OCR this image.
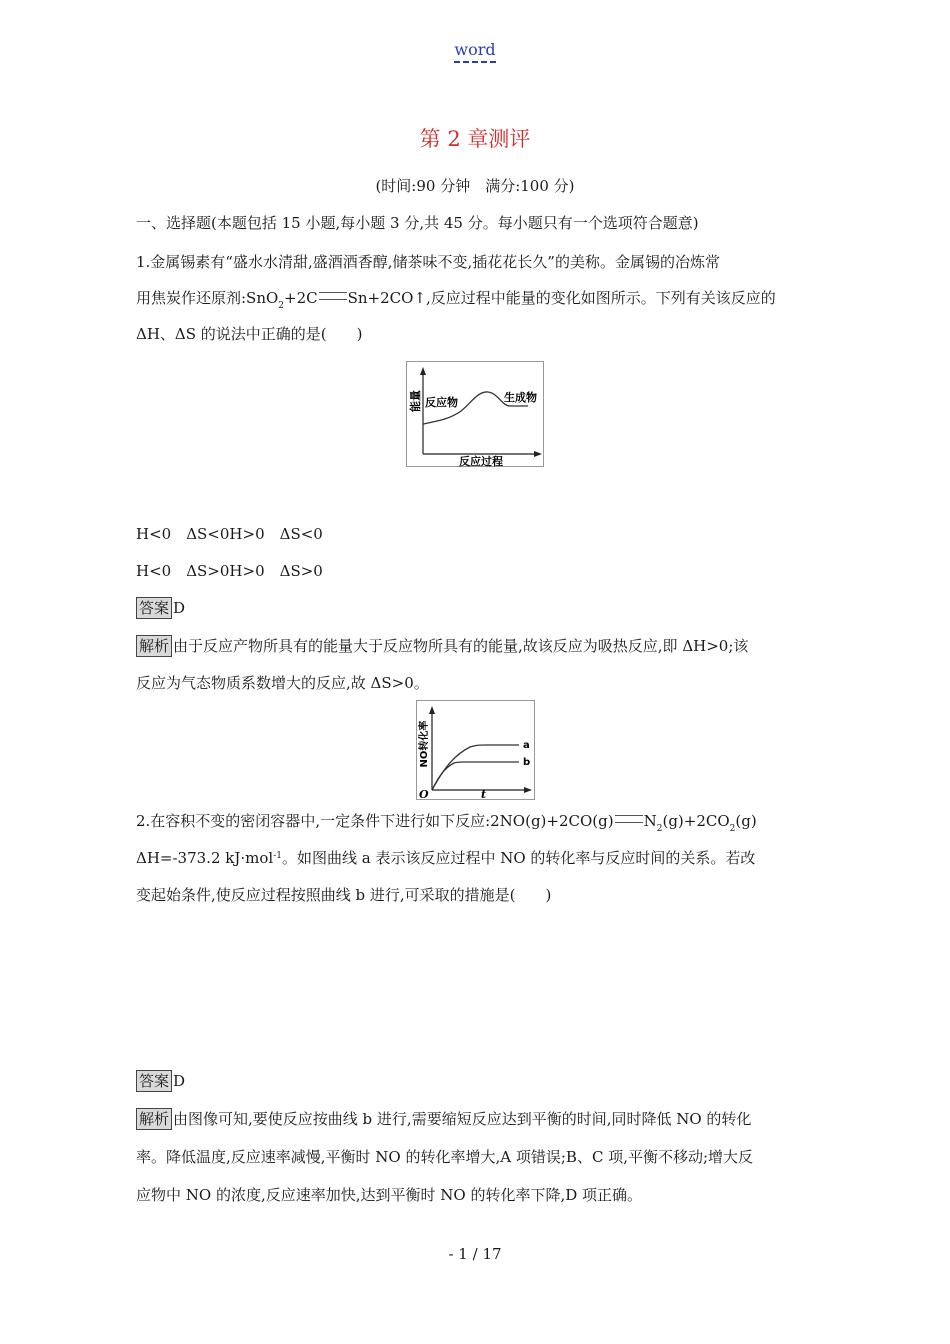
word
第 2 章测评
(时间:90 分钟　满分:100 分)
一、选择题(本题包括 15 小题,每小题 3 分,共 45 分。每小题只有一个选项符合题意)
1.金属锡素有“盛水水清甜,盛酒酒香醇,储茶味不变,插花花长久”的美称。金属锡的冶炼常
用焦炭作还原剂:SnO$_2$+2C Sn+2CO↑,反应过程中能量的变化如图所示。下列有关该反应的
ΔH、ΔS 的说法中正确的是(　　)
能量 反应物	生成物
反应过程
H<0　ΔS<0H>0　ΔS<0
H<0　ΔS>0H>0　ΔS>0
答案 D
解析 由于反应产物所具有的能量大于反应物所具有的能量,故该反应为吸热反应,即 ΔH>0;该
反应为气态物质系数增大的反应,故 ΔS>0。
NO转化率	a
b
O	t
2.在容积不变的密闭容器中,一定条件下进行如下反应:2NO(g)+2CO(g) $N_2(g)+2CO_2(g)$
ΔH=-373.2 kJ·mol$^{-1}$。如图曲线 a 表示该反应过程中 NO 的转化率与反应时间的关系。若改
变起始条件,使反应过程按照曲线 b 进行,可采取的措施是(　　)
答案 D
解析 由图像可知,要使反应按曲线 b 进行,需要缩短反应达到平衡的时间,同时降低 NO 的转化
率。降低温度,反应速率减慢,平衡时 NO 的转化率增大,A 项错误;B、C 项,平衡不移动;增大反
应物中 NO 的浓度,反应速率加快,达到平衡时 NO 的转化率下降,D 项正确。
- 1 / 17
